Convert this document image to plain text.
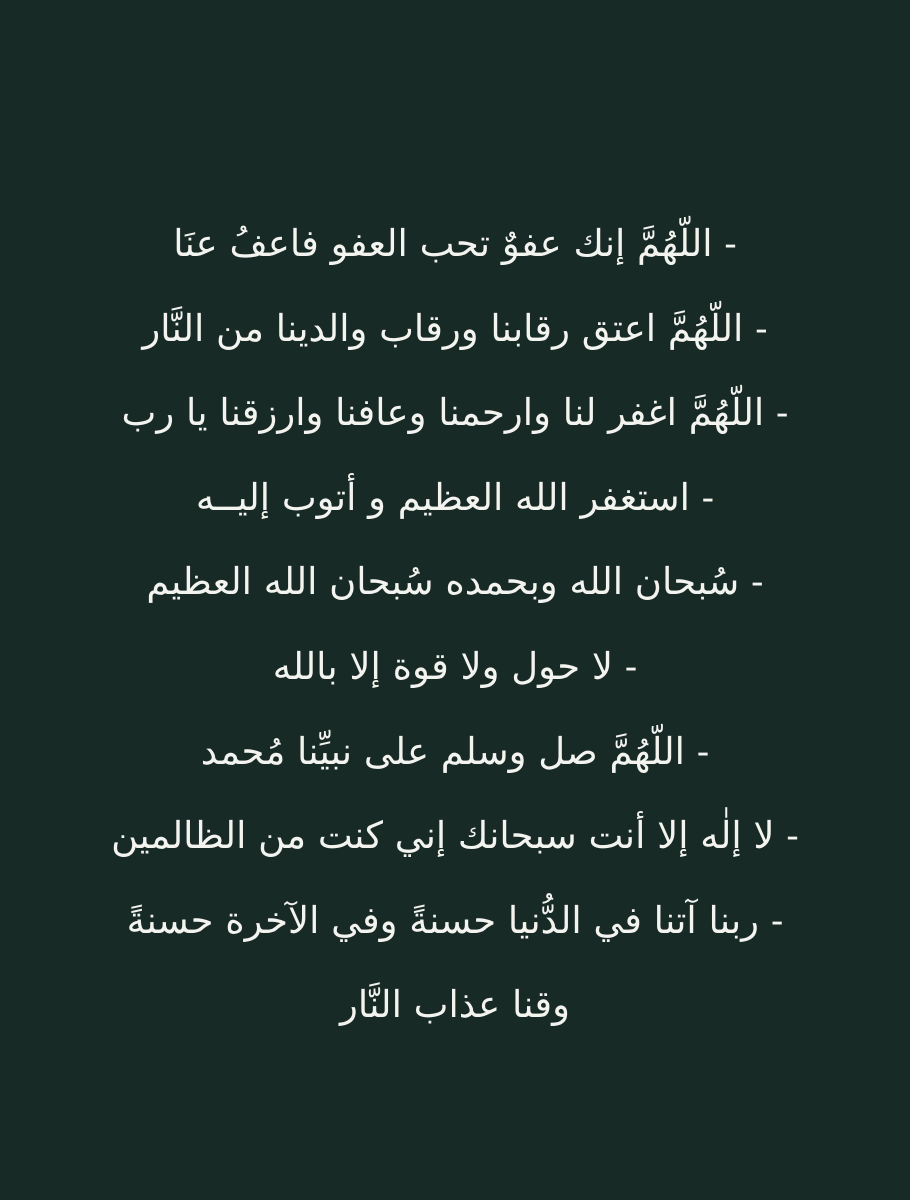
- اللّهُمَّ إنك عفوٌ تحب العفو فاعفُ عنَا
- اللّهُمَّ اعتق رقابنا ورقاب والدينا من النَّار
- اللّهُمَّ اغفر لنا وارحمنا وعافنا وارزقنا يا رب
- استغفر الله العظيم و أتوب إليــه
- سُبحان الله وبحمده سُبحان الله العظيم
- لا حول ولا قوة إلا بالله
- اللّهُمَّ صل وسلم على نبيِّنا مُحمد
- لا إلٰه إلا أنت سبحانك إني كنت من الظالمين
- ربنا آتنا في الدُّنيا حسنةً وفي الآخرة حسنةً
وقنا عذاب النَّار
